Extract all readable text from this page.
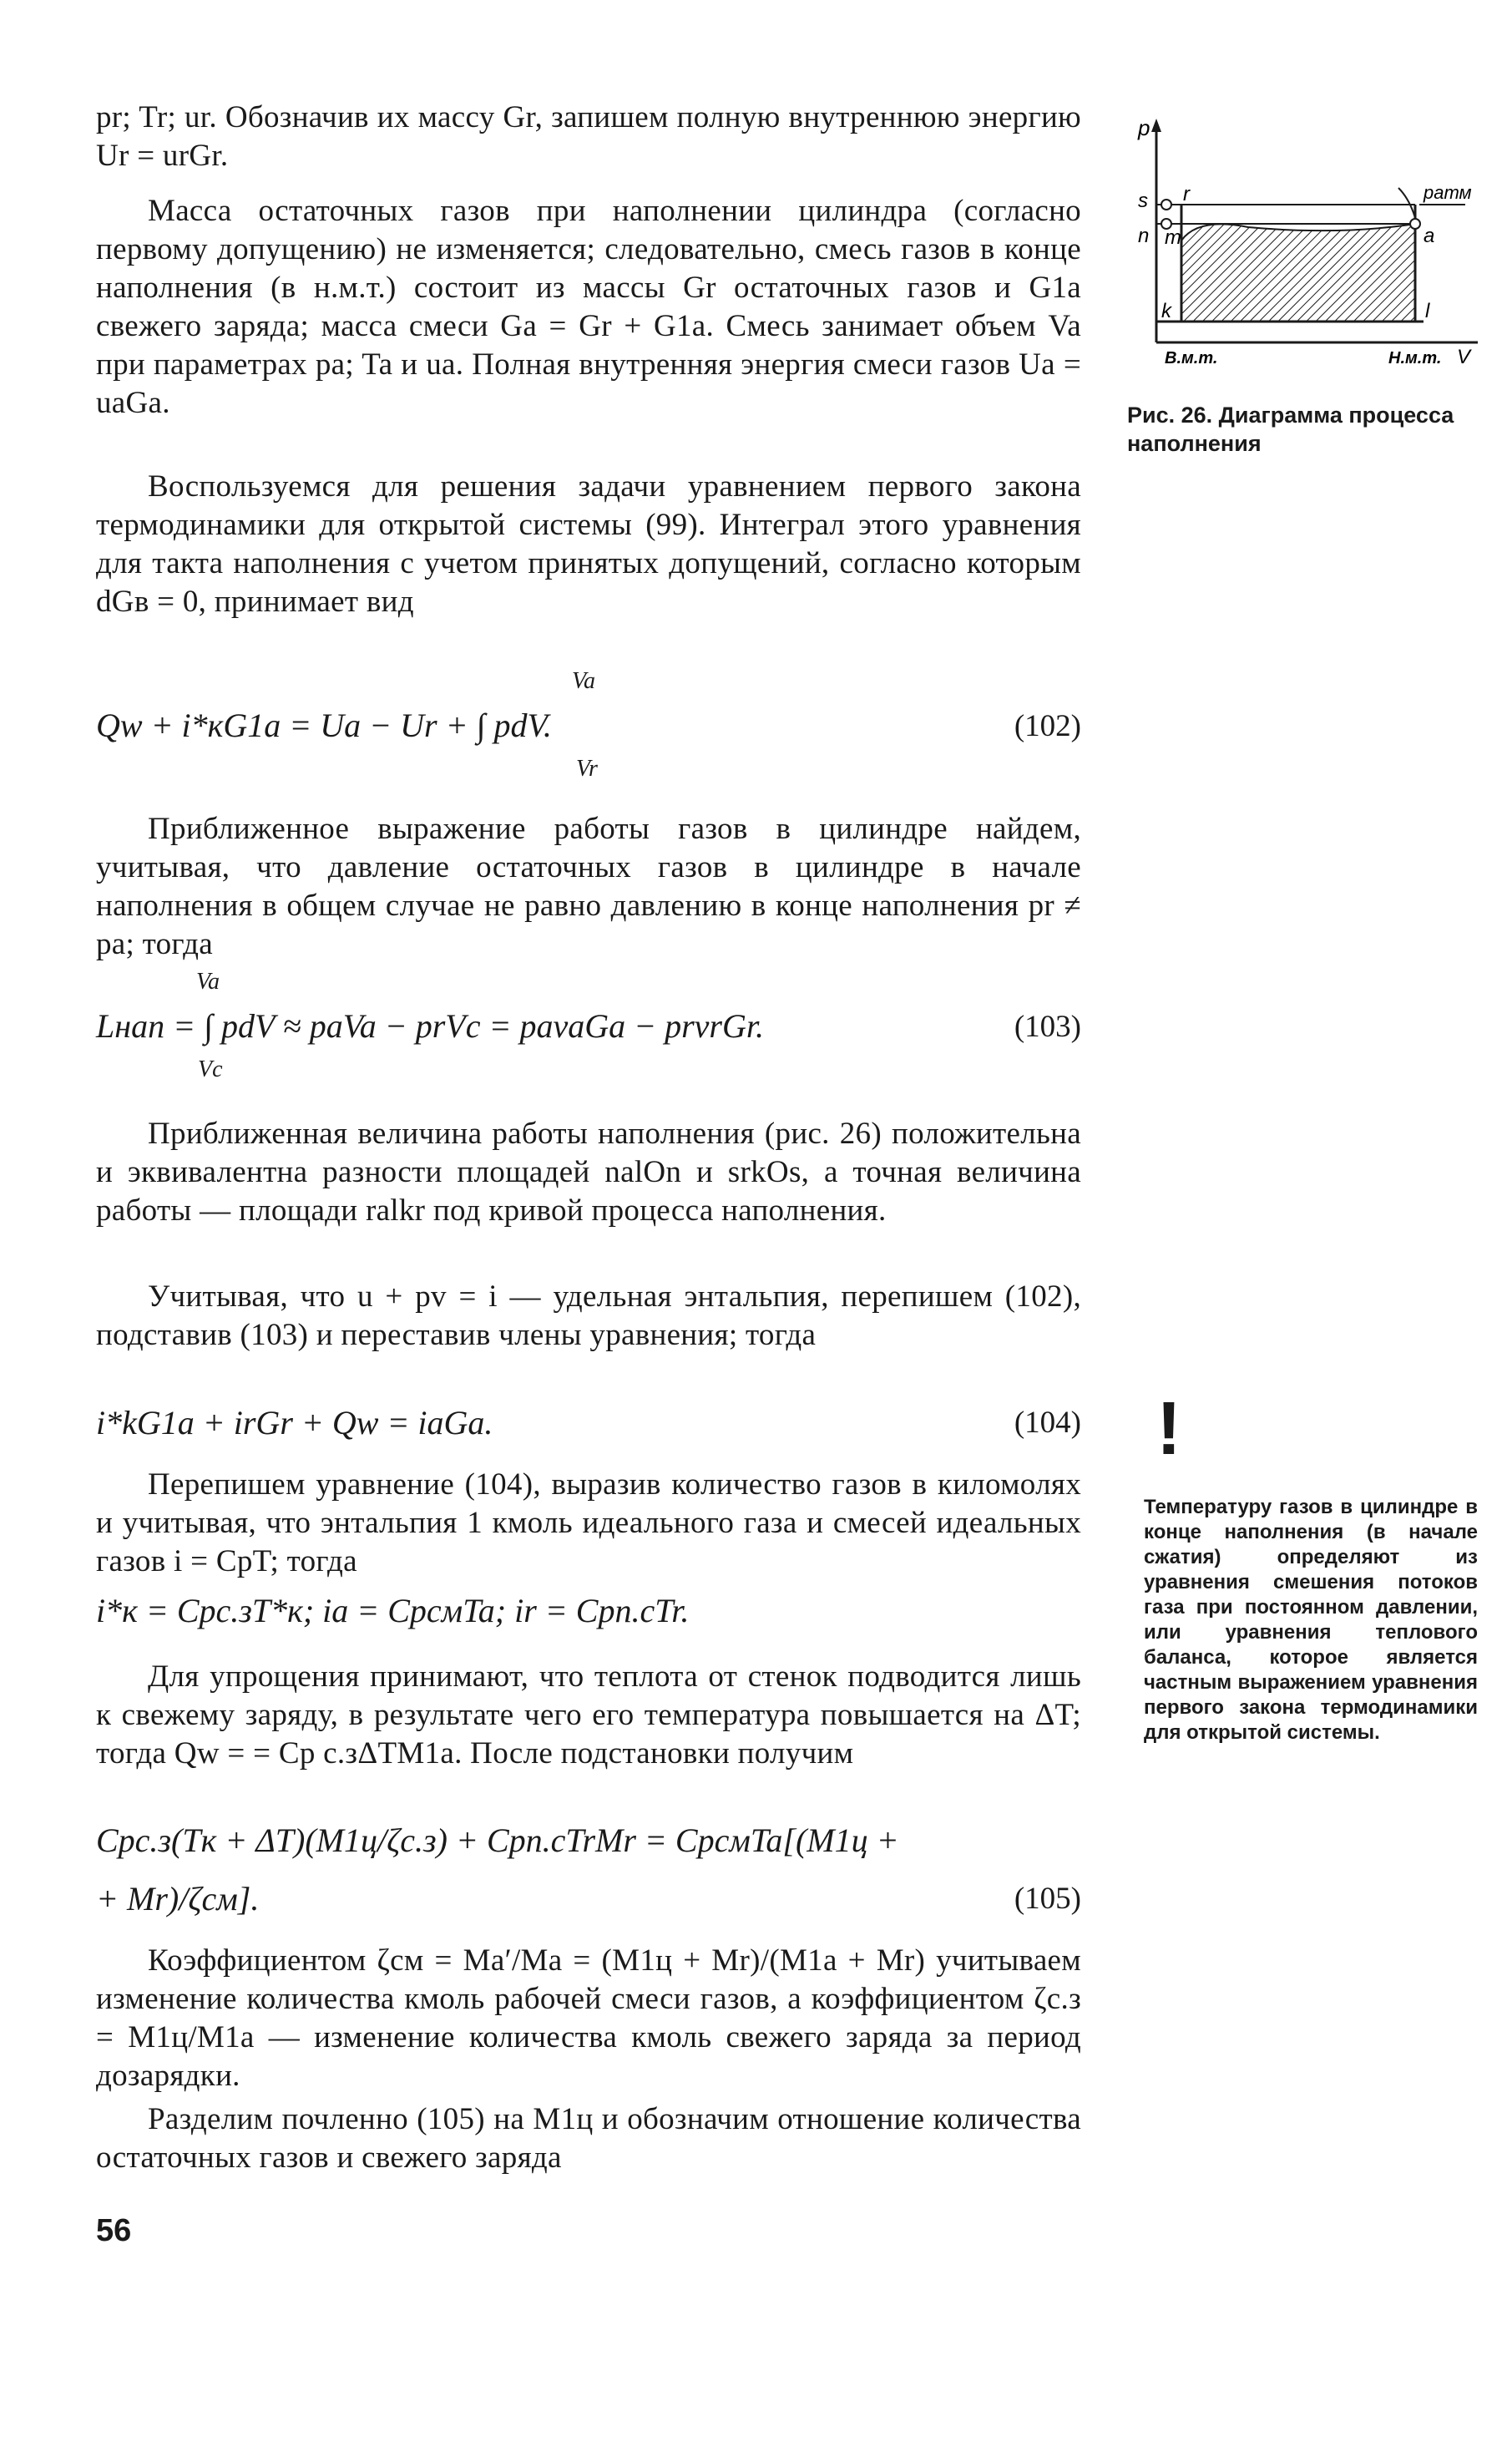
pr; Tr; ur. Обозначив их массу Gr, запишем полную внутреннюю энергию Ur = urGr.

Масса остаточных газов при наполнении цилиндра (согласно первому допущению) не изменяется; следовательно, смесь газов в конце наполнения (в н.м.т.) состоит из массы Gr остаточных газов и G1a свежего заряда; масса смеси Ga = Gr + G1a. Смесь занимает объем Va при параметрах pa; Ta и ua. Полная внутренняя энергия смеси газов Ua = uaGa.

Воспользуемся для решения задачи уравнением первого закона термодинамики для открытой системы (99). Интеграл этого уравнения для такта наполнения с учетом принятых допущений, согласно которым dGв = 0, принимает вид

Va
Qw + i*кG1a = Ua − Ur + ∫ pdV.
Vr
(102)

Приближенное выражение работы газов в цилиндре найдем, учитывая, что давление остаточных газов в цилиндре в начале наполнения в общем случае не равно давлению в конце наполнения pr ≠ pa; тогда

Va
Lнап = ∫ pdV ≈ paVa − prVc = pavaGa − prvrGr.
Vc
(103)

Приближенная величина работы наполнения (рис. 26) положительна и эквивалентна разности площадей nalOn и srkOs, а точная величина работы — площади ralkr под кривой процесса наполнения.

Учитывая, что u + pv = i — удельная энтальпия, перепишем (102), подставив (103) и переставив члены уравнения; тогда

i*kG1a + irGr + Qw = iaGa.	(104)

Перепишем уравнение (104), выразив количество газов в киломолях и учитывая, что энтальпия 1 кмоль идеального газа и смесей идеальных газов i = CpT; тогда

i*к = Cрс.зT*к; ia = CрсмTa; ir = Cрп.сTr.

Для упрощения принимают, что теплота от стенок подводится лишь к свежему заряду, в результате чего его температура повышается на ΔT; тогда Qw = = Cр с.зΔTM1a. После подстановки получим

Cрс.з(Tк + ΔT)(M1ц/ζс.з) + Cрп.сTrMr = CрсмTa[(M1ц +
+ Mr)/ζсм].	(105)

Коэффициентом ζсм = Ma′/Ma = (M1ц + Mr)/(M1a + Mr) учитываем изменение количества кмоль рабочей смеси газов, а коэффициентом ζс.з = M1ц/M1a — изменение количества кмоль свежего заряда за период дозарядки.

Разделим почленно (105) на M1ц и обозначим отношение количества остаточных газов и свежего заряда

56
p
s r
n m
k
a
l
pатм
В.м.т.	Н.м.т. V
Рис. 26. Диаграмма процесса наполнения
!
Температуру газов в цилиндре в конце наполнения (в начале сжатия) определяют из уравнения смешения потоков газа при постоянном давлении, или уравнения теплового баланса, которое является частным выражением уравнения первого закона термодинамики для открытой системы.
